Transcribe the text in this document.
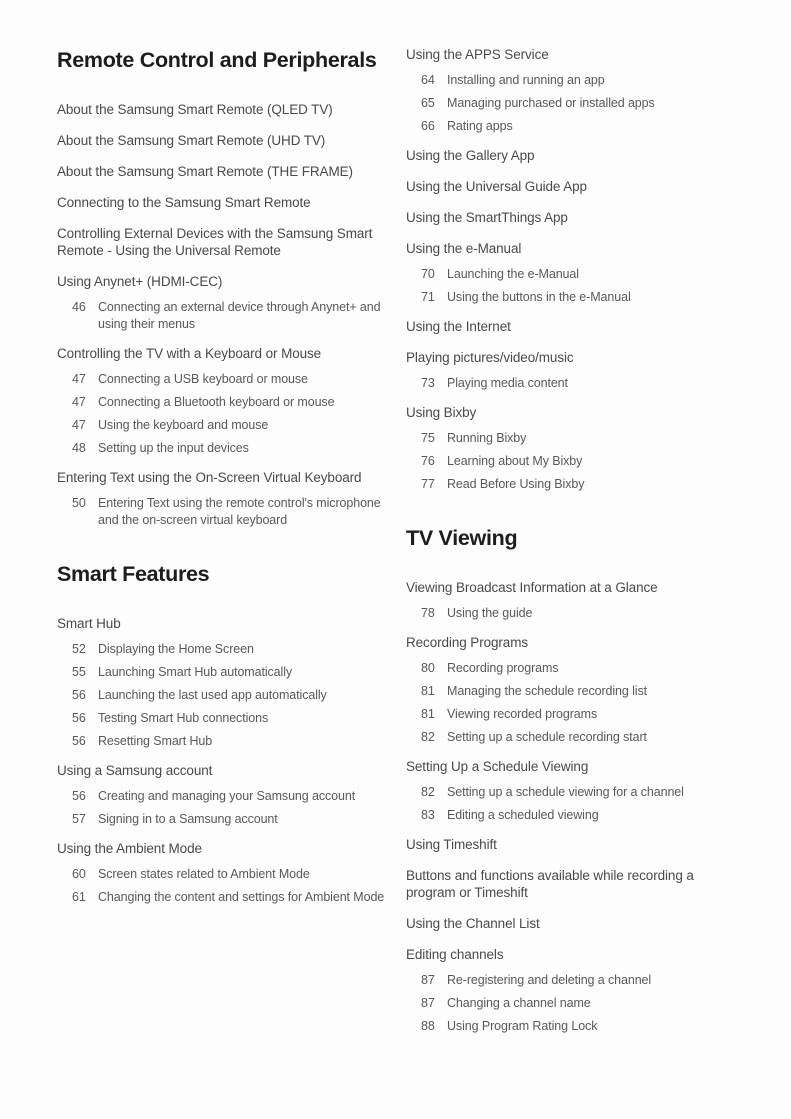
Remote Control and Peripherals
About the Samsung Smart Remote (QLED TV)
About the Samsung Smart Remote (UHD TV)
About the Samsung Smart Remote (THE FRAME)
Connecting to the Samsung Smart Remote
Controlling External Devices with the Samsung Smart Remote - Using the Universal Remote
Using Anynet+ (HDMI-CEC)
46 Connecting an external device through Anynet+ and using their menus
Controlling the TV with a Keyboard or Mouse
47 Connecting a USB keyboard or mouse
47 Connecting a Bluetooth keyboard or mouse
47 Using the keyboard and mouse
48 Setting up the input devices
Entering Text using the On-Screen Virtual Keyboard
50 Entering Text using the remote control's microphone and the on-screen virtual keyboard
Smart Features
Smart Hub
52 Displaying the Home Screen
55 Launching Smart Hub automatically
56 Launching the last used app automatically
56 Testing Smart Hub connections
56 Resetting Smart Hub
Using a Samsung account
56 Creating and managing your Samsung account
57 Signing in to a Samsung account
Using the Ambient Mode
60 Screen states related to Ambient Mode
61 Changing the content and settings for Ambient Mode
Using the APPS Service
64 Installing and running an app
65 Managing purchased or installed apps
66 Rating apps
Using the Gallery App
Using the Universal Guide App
Using the SmartThings App
Using the e-Manual
70 Launching the e-Manual
71 Using the buttons in the e-Manual
Using the Internet
Playing pictures/video/music
73 Playing media content
Using Bixby
75 Running Bixby
76 Learning about My Bixby
77 Read Before Using Bixby
TV Viewing
Viewing Broadcast Information at a Glance
78 Using the guide
Recording Programs
80 Recording programs
81 Managing the schedule recording list
81 Viewing recorded programs
82 Setting up a schedule recording start
Setting Up a Schedule Viewing
82 Setting up a schedule viewing for a channel
83 Editing a scheduled viewing
Using Timeshift
Buttons and functions available while recording a program or Timeshift
Using the Channel List
Editing channels
87 Re-registering and deleting a channel
87 Changing a channel name
88 Using Program Rating Lock
